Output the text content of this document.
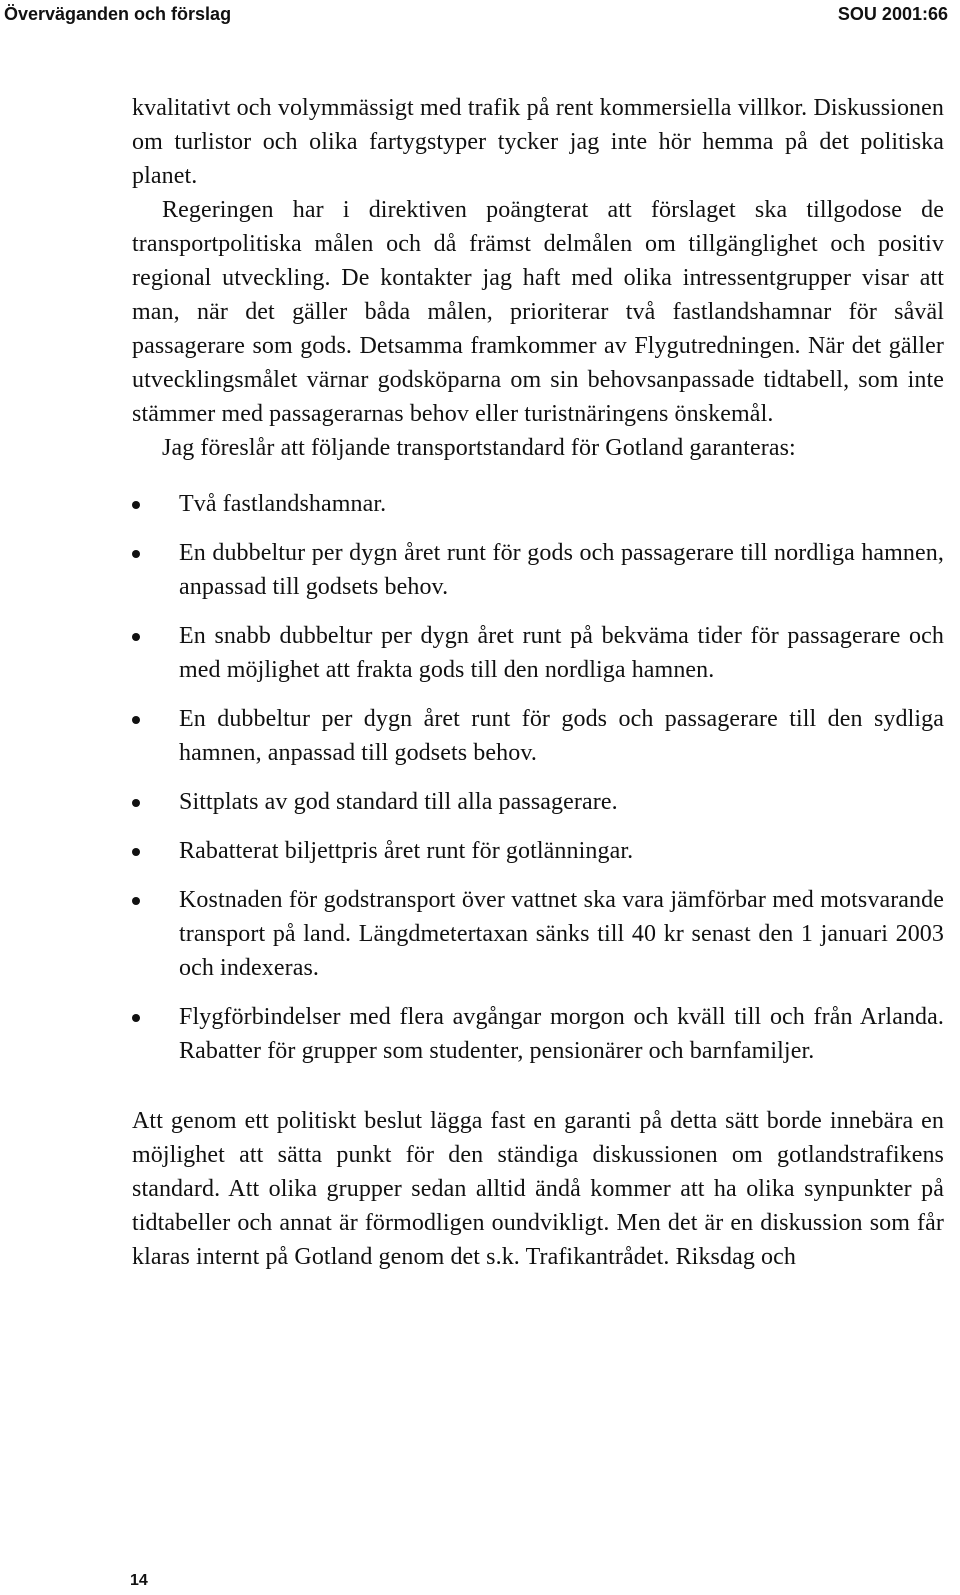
Överväganden och förslag	SOU 2001:66

kvalitativt och volymmässigt med trafik på rent kommersiella villkor. Diskussionen om turlistor och olika fartygstyper tycker jag inte hör hemma på det politiska planet.

Regeringen har i direktiven poängterat att förslaget ska tillgodose de transportpolitiska målen och då främst delmålen om tillgänglighet och positiv regional utveckling. De kontakter jag haft med olika intressentgrupper visar att man, när det gäller båda målen, prioriterar två fastlandshamnar för såväl passagerare som gods. Detsamma framkommer av Flygutredningen. När det gäller utvecklingsmålet värnar godsköparna om sin behovsanpassade tidtabell, som inte stämmer med passagerarnas behov eller turistnäringens önskemål.

Jag föreslår att följande transportstandard för Gotland garanteras:

Två fastlandshamnar.
En dubbeltur per dygn året runt för gods och passagerare till nordliga hamnen, anpassad till godsets behov.
En snabb dubbeltur per dygn året runt på bekväma tider för passagerare och med möjlighet att frakta gods till den nordliga hamnen.
En dubbeltur per dygn året runt för gods och passagerare till den sydliga hamnen, anpassad till godsets behov.
Sittplats av god standard till alla passagerare.
Rabatterat biljettpris året runt för gotlänningar.
Kostnaden för godstransport över vattnet ska vara jämförbar med motsvarande transport på land. Längdmetertaxan sänks till 40 kr senast den 1 januari 2003 och indexeras.
Flygförbindelser med flera avgångar morgon och kväll till och från Arlanda. Rabatter för grupper som studenter, pensionärer och barnfamiljer.

Att genom ett politiskt beslut lägga fast en garanti på detta sätt borde innebära en möjlighet att sätta punkt för den ständiga diskussionen om gotlandstrafikens standard. Att olika grupper sedan alltid ändå kommer att ha olika synpunkter på tidtabeller och annat är förmodligen oundvikligt. Men det är en diskussion som får klaras internt på Gotland genom det s.k. Trafikantrådet. Riksdag och

14
